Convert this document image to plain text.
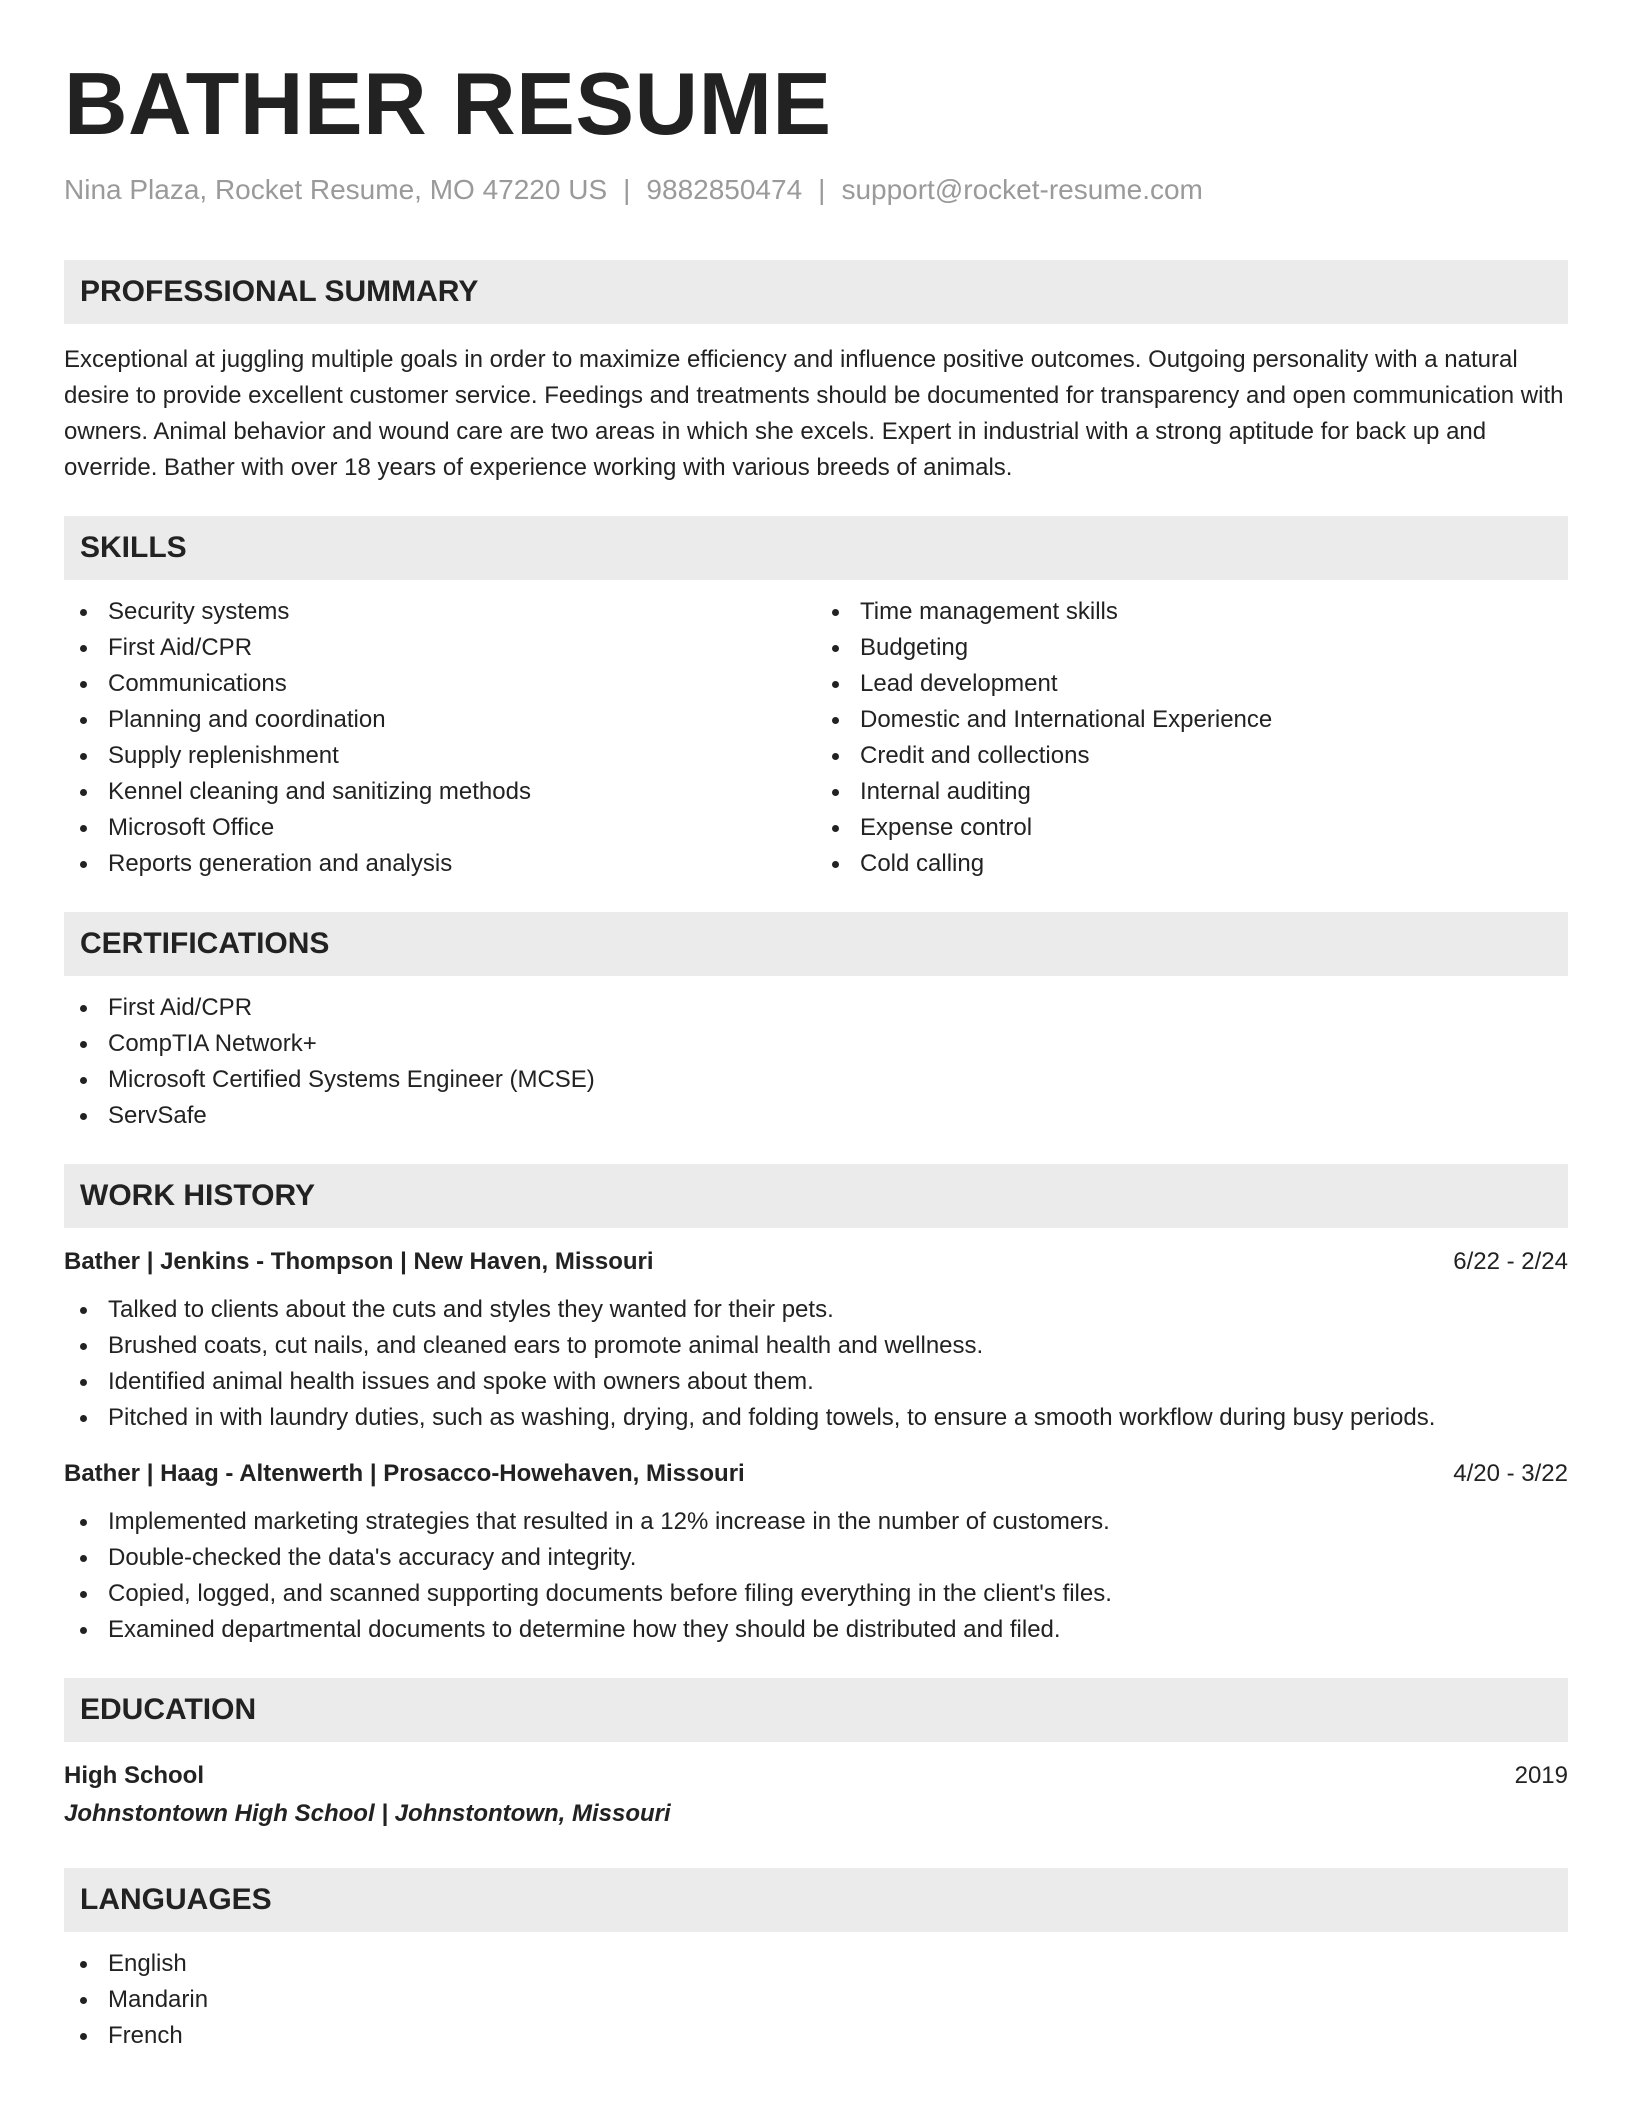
BATHER RESUME
Nina Plaza, Rocket Resume, MO 47220 US | 9882850474 | support@rocket-resume.com
PROFESSIONAL SUMMARY

Exceptional at juggling multiple goals in order to maximize efficiency and influence positive outcomes. Outgoing personality with a natural desire to provide excellent customer service. Feedings and treatments should be documented for transparency and open communication with owners. Animal behavior and wound care are two areas in which she excels. Expert in industrial with a strong aptitude for back up and override. Bather with over 18 years of experience working with various breeds of animals.

SKILLS
Security systems
First Aid/CPR
Communications
Planning and coordination
Supply replenishment
Kennel cleaning and sanitizing methods
Microsoft Office
Reports generation and analysis
Time management skills
Budgeting
Lead development
Domestic and International Experience
Credit and collections
Internal auditing
Expense control
Cold calling
CERTIFICATIONS
First Aid/CPR
CompTIA Network+
Microsoft Certified Systems Engineer (MCSE)
ServSafe
WORK HISTORY
Bather | Jenkins - Thompson | New Haven, Missouri	6/22 - 2/24
Talked to clients about the cuts and styles they wanted for their pets.
Brushed coats, cut nails, and cleaned ears to promote animal health and wellness.
Identified animal health issues and spoke with owners about them.
Pitched in with laundry duties, such as washing, drying, and folding towels, to ensure a smooth workflow during busy periods.
Bather | Haag - Altenwerth | Prosacco-Howehaven, Missouri	4/20 - 3/22
Implemented marketing strategies that resulted in a 12% increase in the number of customers.
Double-checked the data's accuracy and integrity.
Copied, logged, and scanned supporting documents before filing everything in the client's files.
Examined departmental documents to determine how they should be distributed and filed.
EDUCATION
High School	2019
Johnstontown High School | Johnstontown, Missouri
LANGUAGES
English
Mandarin
French
